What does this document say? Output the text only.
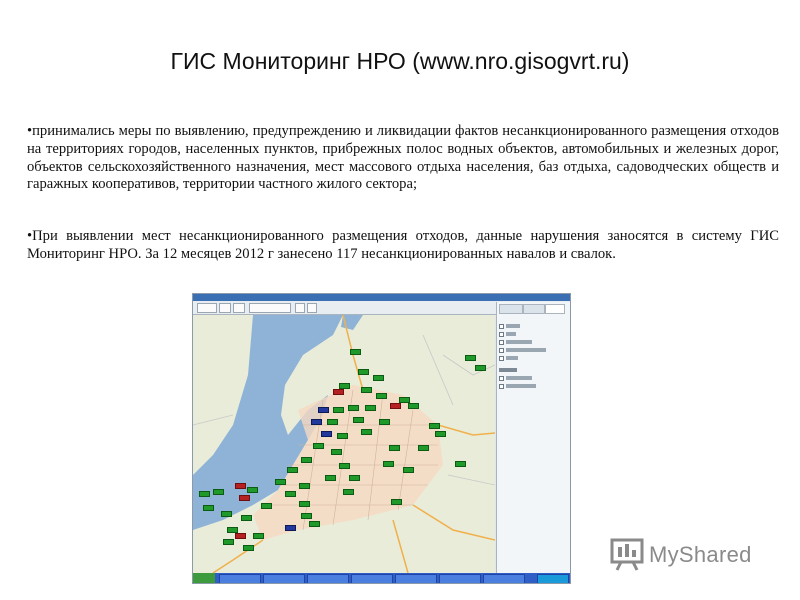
ГИС Мониторинг НРО (www.nro.gisogvrt.ru)
•принимались меры по выявлению, предупреждению и ликвидации фактов несанкционированного размещения отходов на территориях городов, населенных пунктов, прибрежных полос водных объектов, автомобильных и железных дорог, объектов сельскохозяйственного назначения, мест массового отдыха населения, баз отдыха, садоводческих обществ и гаражных кооперативов, территории частного жилого сектора;
•При выявлении мест несанкционированного размещения отходов, данные нарушения заносятся в систему ГИС Мониторинг НРО. За 12 месяцев 2012 г занесено 117 несанкционированных навалов и свалок.
MyShared
